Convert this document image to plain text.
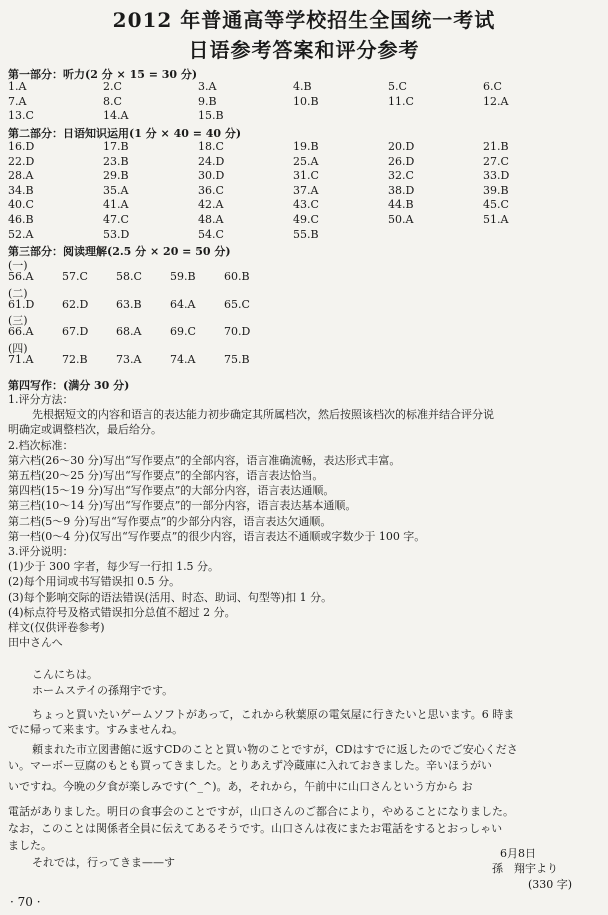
2012 年普通高等学校招生全国统一考试
日语参考答案和评分参考
第一部分：听力(2 分 × 15 = 30 分)
1.A	2.C	3.A	4.B	5.C	6.C
7.A	8.C	9.B	10.B	11.C	12.A
13.C	14.A	15.B
第二部分：日语知识运用(1 分 × 40 = 40 分)
16.D	17.B	18.C	19.B	20.D	21.B
22.D	23.B	24.D	25.A	26.D	27.C
28.A	29.B	30.D	31.C	32.C	33.D
34.B	35.A	36.C	37.A	38.D	39.B
40.C	41.A	42.A	43.C	44.B	45.C
46.B	47.C	48.A	49.C	50.A	51.A
52.A	53.D	54.C	55.B
第三部分：阅读理解(2.5 分 × 20 = 50 分)
(一)
56.A	57.C	58.C	59.B	60.B
(二)
61.D	62.D	63.B	64.A	65.C
(三)
66.A	67.D	68.A	69.C	70.D
(四)
71.A	72.B	73.A	74.A	75.B
第四写作：(满分 30 分)

1.评分方法：

先根据短文的内容和语言的表达能力初步确定其所属档次，然后按照该档次的标准并结合评分说

明确定或调整档次，最后给分。

2.档次标准：

第六档(26～30 分)写出“写作要点”的全部内容，语言准确流畅，表达形式丰富。

第五档(20～25 分)写出“写作要点”的全部内容，语言表达恰当。

第四档(15～19 分)写出“写作要点”的大部分内容，语言表达通顺。

第三档(10～14 分)写出“写作要点”的一部分内容，语言表达基本通顺。

第二档(5～9 分)写出“写作要点”的少部分内容，语言表达欠通顺。

第一档(0～4 分)仅写出“写作要点”的很少内容，语言表达不通顺或字数少于 100 字。

3.评分说明：

(1)少于 300 字者，每少写一行扣 1.5 分。

(2)每个用词或书写错误扣 0.5 分。

(3)每个影响交际的语法错误(活用、时态、助词、句型等)扣 1 分。

(4)标点符号及格式错误扣分总值不超过 2 分。

样文(仅供评卷参考)

田中さんへ

こんにちは。

ホームステイの孫翔宇です。

ちょっと買いたいゲームソフトがあって，これから秋葉原の電気屋に行きたいと思います。6 時ま

でに帰って来ます。すみませんね。

頼まれた市立図書館に返すCDのことと買い物のことですが，CDはすでに返したのでご安心くださ

い。マーボー豆腐のもとも買ってきました。とりあえず冷蔵庫に入れておきました。辛いほうがい

いですね。今晩の夕食が楽しみです(^_^)。あ，それから，午前中に山口さんという方から お

電話がありました。明日の食事会のことですが，山口さんのご都合により，やめることになりました。

なお，このことは関係者全員に伝えてあるそうです。山口さんは夜にまたお電話をするとおっしゃい

ました。

それでは，行ってきま——す

6月8日
孫　翔宇より
(330 字)
· 70 ·
